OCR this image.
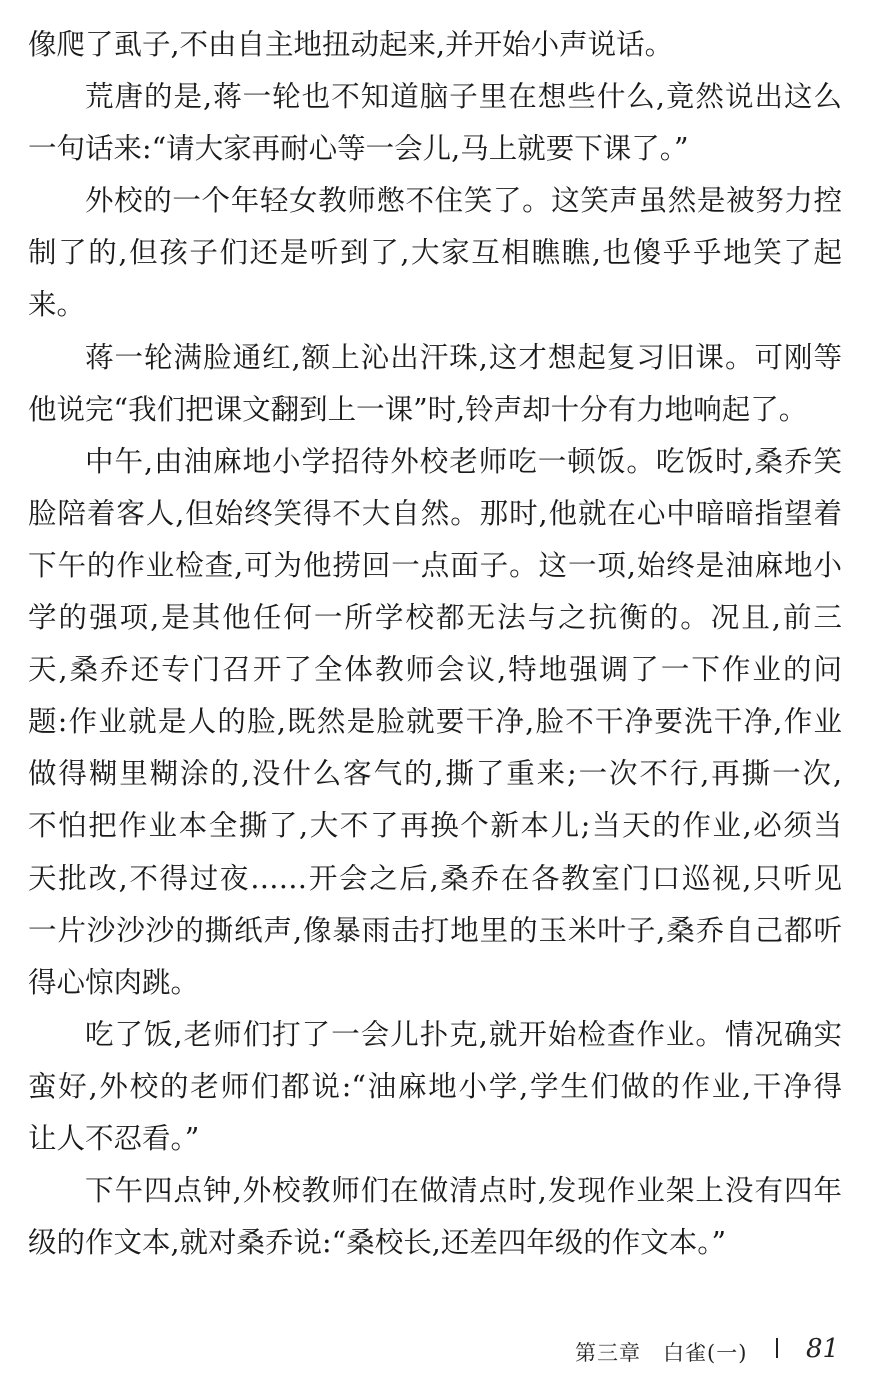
像爬了虱子,不由自主地扭动起来,并开始小声说话。
荒唐的是,蒋一轮也不知道脑子里在想些什么,竟然说出这么
一句话来:“请大家再耐心等一会儿,马上就要下课了。”
外校的一个年轻女教师憋不住笑了。这笑声虽然是被努力控
制了的,但孩子们还是听到了,大家互相瞧瞧,也傻乎乎地笑了起
来。
蒋一轮满脸通红,额上沁出汗珠,这才想起复习旧课。可刚等
他说完“我们把课文翻到上一课”时,铃声却十分有力地响起了。
中午,由油麻地小学招待外校老师吃一顿饭。吃饭时,桑乔笑
脸陪着客人,但始终笑得不大自然。那时,他就在心中暗暗指望着
下午的作业检查,可为他捞回一点面子。这一项,始终是油麻地小
学的强项,是其他任何一所学校都无法与之抗衡的。况且,前三
天,桑乔还专门召开了全体教师会议,特地强调了一下作业的问
题:作业就是人的脸,既然是脸就要干净,脸不干净要洗干净,作业
做得糊里糊涂的,没什么客气的,撕了重来;一次不行,再撕一次,
不怕把作业本全撕了,大不了再换个新本儿;当天的作业,必须当
天批改,不得过夜……开会之后,桑乔在各教室门口巡视,只听见
一片沙沙沙的撕纸声,像暴雨击打地里的玉米叶子,桑乔自己都听
得心惊肉跳。
吃了饭,老师们打了一会儿扑克,就开始检查作业。情况确实
蛮好,外校的老师们都说:“油麻地小学,学生们做的作业,干净得
让人不忍看。”
下午四点钟,外校教师们在做清点时,发现作业架上没有四年
级的作文本,就对桑乔说:“桑校长,还差四年级的作文本。”
第三章　白雀(一) 81
